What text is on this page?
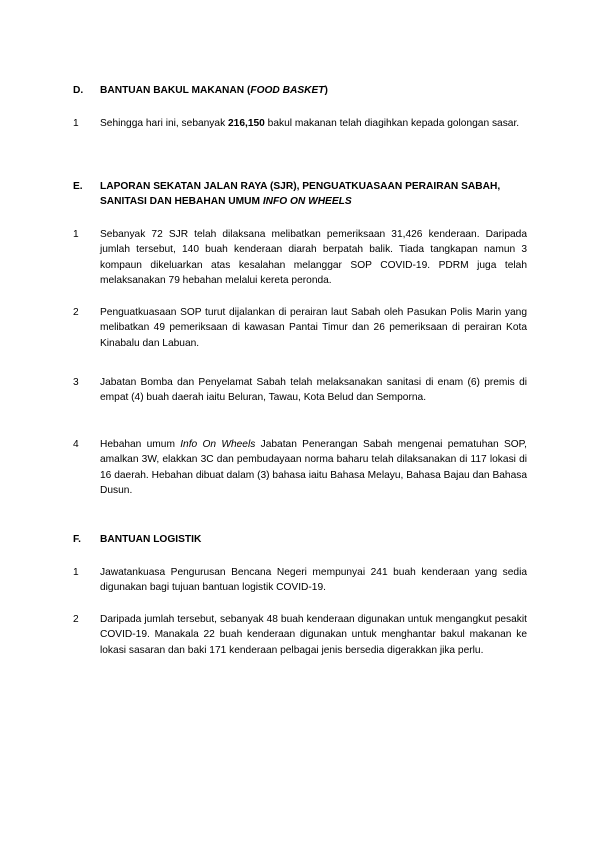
D. BANTUAN BAKUL MAKANAN (FOOD BASKET)
1 Sehingga hari ini, sebanyak 216,150 bakul makanan telah diagihkan kepada golongan sasar.
E. LAPORAN SEKATAN JALAN RAYA (SJR), PENGUATKUASAAN PERAIRAN SABAH, SANITASI DAN HEBAHAN UMUM INFO ON WHEELS
1 Sebanyak 72 SJR telah dilaksana melibatkan pemeriksaan 31,426 kenderaan. Daripada jumlah tersebut, 140 buah kenderaan diarah berpatah balik. Tiada tangkapan namun 3 kompaun dikeluarkan atas kesalahan melanggar SOP COVID-19. PDRM juga telah melaksanakan 79 hebahan melalui kereta peronda.
2 Penguatkuasaan SOP turut dijalankan di perairan laut Sabah oleh Pasukan Polis Marin yang melibatkan 49 pemeriksaan di kawasan Pantai Timur dan 26 pemeriksaan di perairan Kota Kinabalu dan Labuan.
3 Jabatan Bomba dan Penyelamat Sabah telah melaksanakan sanitasi di enam (6) premis di empat (4) buah daerah iaitu Beluran, Tawau, Kota Belud dan Semporna.
4 Hebahan umum Info On Wheels Jabatan Penerangan Sabah mengenai pematuhan SOP, amalkan 3W, elakkan 3C dan pembudayaan norma baharu telah dilaksanakan di 117 lokasi di 16 daerah. Hebahan dibuat dalam (3) bahasa iaitu Bahasa Melayu, Bahasa Bajau dan Bahasa Dusun.
F. BANTUAN LOGISTIK
1 Jawatankuasa Pengurusan Bencana Negeri mempunyai 241 buah kenderaan yang sedia digunakan bagi tujuan bantuan logistik COVID-19.
2 Daripada jumlah tersebut, sebanyak 48 buah kenderaan digunakan untuk mengangkut pesakit COVID-19. Manakala 22 buah kenderaan digunakan untuk menghantar bakul makanan ke lokasi sasaran dan baki 171 kenderaan pelbagai jenis bersedia digerakkan jika perlu.
